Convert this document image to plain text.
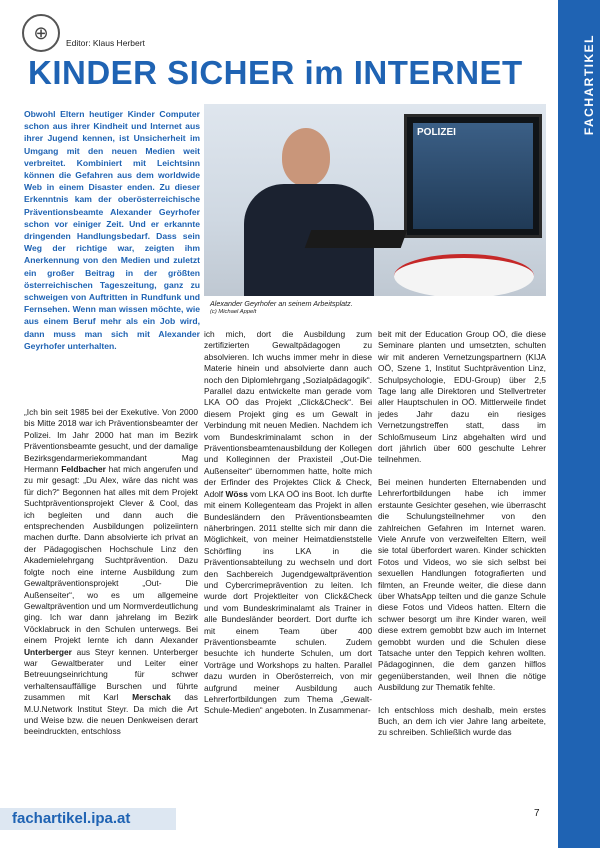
FACHARTIKEL
⊕
Editor: Klaus Herbert
KINDER SICHER im INTERNET
Obwohl Eltern heutiger Kinder Computer schon aus ihrer Kindheit und Internet aus ihrer Jugend kennen, ist Unsicherheit im Umgang mit den neuen Medien weit verbreitet. Kombiniert mit Leichtsinn können die Gefahren aus dem worldwide Web in einem Disaster enden. Zu dieser Erkenntnis kam der oberösterreichische Präventionsbeamte Alexander Geyrhofer schon vor einiger Zeit. Und er erkannte dringenden Handlungsbedarf. Dass sein Weg der richtige war, zeigten ihm Anerkennung von den Medien und zuletzt ein großer Beitrag in der größten österreichischen Tageszeitung, ganz zu schweigen von Auftritten in Rundfunk und Fernsehen. Wenn man wissen möchte, wie aus einem Beruf mehr als ein Job wird, dann muss man sich mit Alexander Geyrhofer unterhalten.
POLIZEI
Alexander Geyrhofer an seinem Arbeitsplatz.
(c) Michael Appelt

„Ich bin seit 1985 bei der Exekutive. Von 2000 bis Mitte 2018 war ich Präventionsbeamter der Polizei. Im Jahr 2000 hat man im Bezirk Präventionsbeamte gesucht, und der damalige Bezirksgendarmeriekommandant Mag Hermann Feldbacher hat mich angerufen und zu mir gesagt: „Du Alex, wäre das nicht was für dich?“ Begonnen hat alles mit dem Projekt Suchtpräventionsprojekt Clever & Cool, das ich begleiten und dann auch die entsprechenden Ausbildungen polizeiintern machen durfte. Dann absolvierte ich privat an der Pädagogischen Hochschule Linz den Akademielehrgang Suchtprävention. Dazu folgte noch eine interne Ausbildung zum Gewaltpräventionsprojekt „Out- Die Außenseiter“, wo es um allgemeine Gewaltprävention und um Normverdeutlichung ging. Ich war dann jahrelang im Bezirk Vöcklabruck in den Schulen unterwegs. Bei einem Projekt lernte ich dann Alexander Unterberger aus Steyr kennen. Unterberger war Gewaltberater und Leiter einer Betreuungseinrichtung für schwer verhaltensauffällige Burschen und führte zusammen mit Karl Merschak das M.U.Network Institut Steyr. Da mich die Art und Weise bzw. die neuen Denkweisen derart beeindruckten, entschloss

ich mich, dort die Ausbildung zum zertifizierten Gewaltpädagogen zu absolvieren. Ich wuchs immer mehr in diese Materie hinein und absolvierte dann auch noch den Diplomlehrgang „Sozialpädagogik“. Parallel dazu entwickelte man gerade vom LKA OÖ das Projekt „Click&Check“. Bei diesem Projekt ging es um Gewalt in Verbindung mit neuen Medien. Nachdem ich vom Bundeskriminalamt schon in der Präventionsbeamtenausbildung der Kollegen und Kolleginnen der Praxisteil „Out-Die Außenseiter“ übernommen hatte, holte mich der Erfinder des Projektes Click & Check, Adolf Wöss vom LKA OÖ ins Boot. Ich durfte mit einem Kollegenteam das Projekt in allen Bundesländern den Präventionsbeamten näherbringen. 2011 stellte sich mir dann die Möglichkeit, von meiner Heimatdienststelle Schörfling ins LKA in die Präventionsabteilung zu wechseln und dort den Sachbereich Jugendgewaltprävention und Cybercrimeprävention zu leiten. Ich wurde dort Projektleiter von Click&Check und vom Bundeskriminalamt als Trainer in alle Bundesländer beordert. Dort durfte ich mit einem Team über 400 Präventionsbeamte schulen. Zudem besuchte ich hunderte Schulen, um dort Vorträge und Workshops zu halten. Parallel dazu wurden in Oberösterreich, von mir aufgrund meiner Ausbildung auch Lehrerfortbildungen zum Thema „Gewalt-Schule-Medien“ angeboten. In Zusammenar-

beit mit der Education Group OÖ, die diese Seminare planten und umsetzten, schulten wir mit anderen Vernetzungspartnern (KIJA OÖ, Szene 1, Institut Suchtprävention Linz, Schulpsychologie, EDU-Group) über 2,5 Tage lang alle Direktoren und Stellvertreter aller Hauptschulen in OÖ. Mittlerweile findet jedes Jahr dazu ein riesiges Vernetzungstreffen statt, dass im Schloßmuseum Linz abgehalten wird und dort jährlich über 600 geschulte Lehrer teilnehmen.

Bei meinen hunderten Elternabenden und Lehrerfortbildungen habe ich immer erstaunte Gesichter gesehen, wie überrascht die Schulungsteilnehmer von den zahlreichen Gefahren im Internet waren. Viele Anrufe von verzweifelten Eltern, weil sie total überfordert waren. Kinder schickten Fotos und Videos, wo sie sich selbst bei sexuellen Handlungen fotografierten und filmten, an Freunde weiter, die diese dann über WhatsApp teilten und die ganze Schule diese Fotos und Videos hatten. Eltern die schwer besorgt um ihre Kinder waren, weil diese extrem gemobbt bzw auch im Internet gemobbt wurden und die Schulen diese Tatsache unter den Teppich kehren wollten. Pädagoginnen, die dem ganzen hilflos gegenüberstanden, weil Ihnen die nötige Ausbildung zur Thematik fehlte.

Ich entschloss mich deshalb, mein erstes Buch, an dem ich vier Jahre lang arbeitete, zu schreiben. Schließlich wurde das

fachartikel.ipa.at	7
